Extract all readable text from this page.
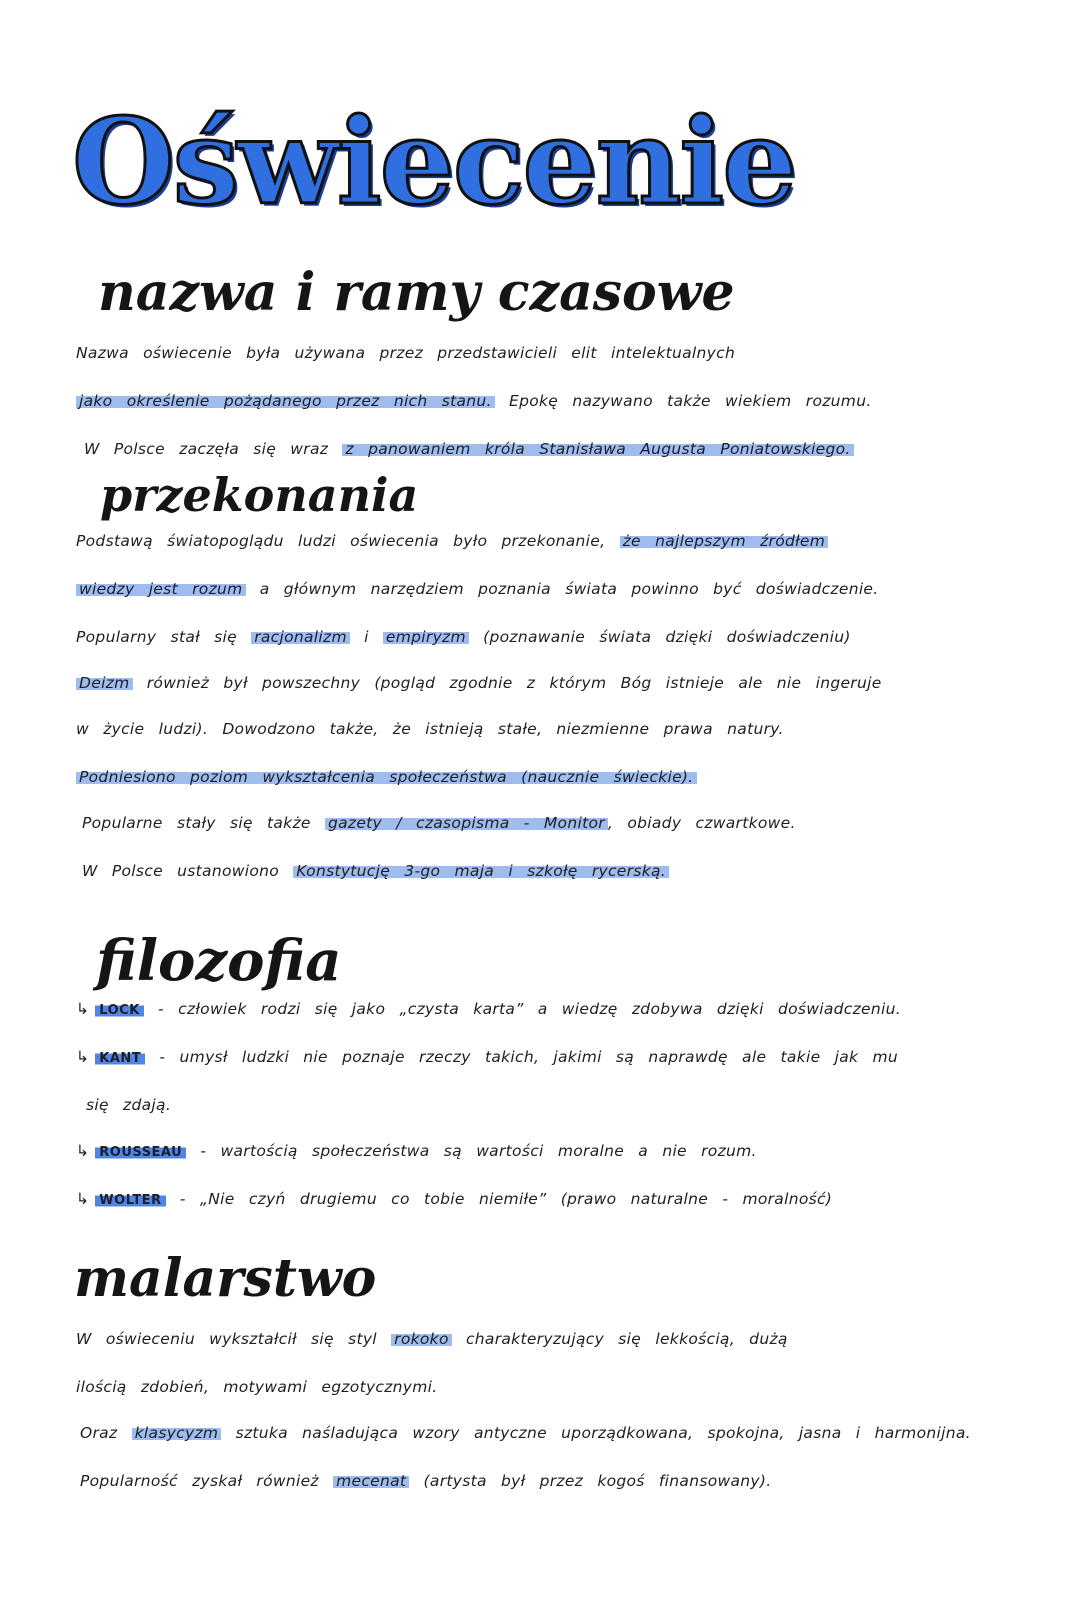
Oświecenie
nazwa i ramy czasowe
Nazwa oświecenie była używana przez przedstawicieli elit intelektualnych
jako określenie pożądanego przez nich stanu. Epokę nazywano także wiekiem rozumu.
W Polsce zaczęła się wraz z panowaniem króla Stanisława Augusta Poniatowskiego.
przekonania
Podstawą światopoglądu ludzi oświecenia było przekonanie, że najlepszym źródłem
wiedzy jest rozum a głównym narzędziem poznania świata powinno być doświadczenie.
Popularny stał się racjonalizm i empiryzm (poznawanie świata dzięki doświadczeniu)
Deizm również był powszechny (pogląd zgodnie z którym Bóg istnieje ale nie ingeruje
w życie ludzi). Dowodzono także, że istnieją stałe, niezmienne prawa natury.
Podniesiono poziom wykształcenia społeczeństwa (naucznie świeckie).
Popularne stały się także gazety / czasopisma - Monitor , obiady czwartkowe.
W Polsce ustanowiono Konstytucję 3-go maja i szkołę rycerską.
filozofia
↳ LOCK - człowiek rodzi się jako „czysta karta” a wiedzę zdobywa dzięki doświadczeniu.
↳ KANT - umysł ludzki nie poznaje rzeczy takich, jakimi są naprawdę ale takie jak mu
się zdają.
↳ ROUSSEAU - wartością społeczeństwa są wartości moralne a nie rozum.
↳ WOLTER - „Nie czyń drugiemu co tobie niemiłe” (prawo naturalne - moralność)
malarstwo
W oświeceniu wykształcił się styl rokoko charakteryzujący się lekkością, dużą
ilością zdobień, motywami egzotycznymi.
Oraz klasycyzm sztuka naśladująca wzory antyczne uporządkowana, spokojna, jasna i harmonijna.
Popularność zyskał również mecenat (artysta był przez kogoś finansowany).
